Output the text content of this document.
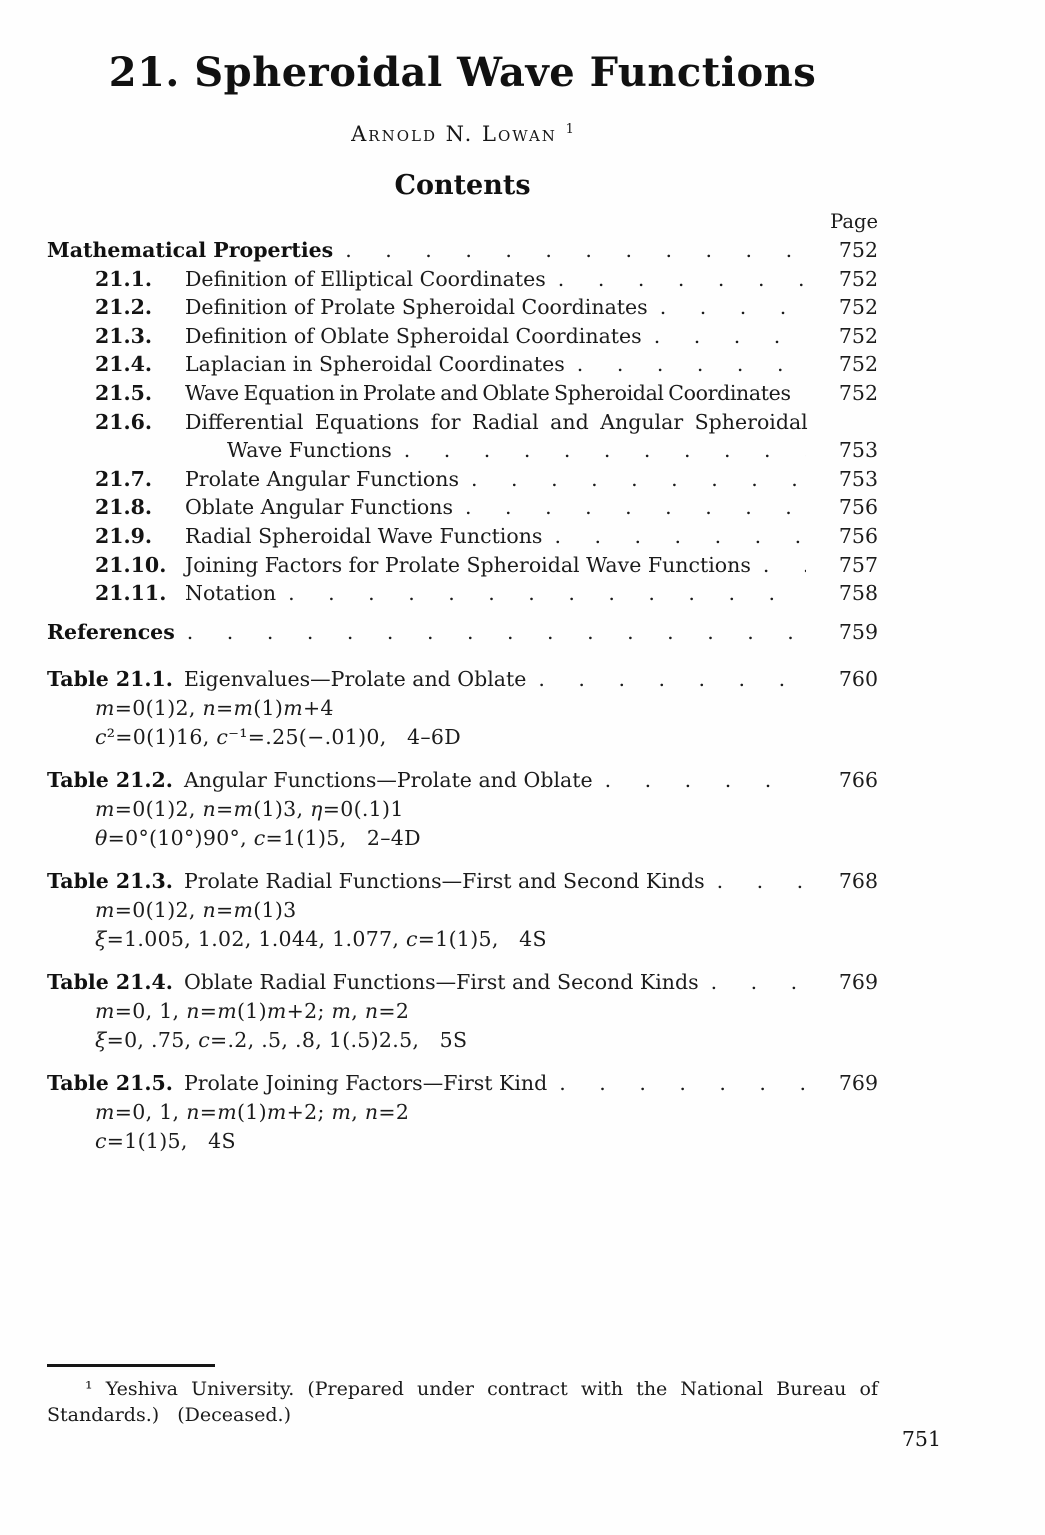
21. Spheroidal Wave Functions
Arnold N. Lowan $^1$
Contents
Page
Mathematical Properties . . .	752
21.1.	Definition of Elliptical Coordinates . . .	752
21.2.	Definition of Prolate Spheroidal Coordinates . . .	752
21.3.	Definition of Oblate Spheroidal Coordinates . . .	752
21.4.	Laplacian in Spheroidal Coordinates . . .	752
21.5.	Wave Equation in Prolate and Oblate Spheroidal Coordinates	752
21.6.	Differential Equations for Radial and Angular Spheroidal
Wave Functions . . .	753
21.7.	Prolate Angular Functions . . .	753
21.8.	Oblate Angular Functions . . .	756
21.9.	Radial Spheroidal Wave Functions . . .	756
21.10. Joining Factors for Prolate Spheroidal Wave Functions . . .	757
21.11. Notation . . .	758
References . . .	759
Table 21.1. Eigenvalues—Prolate and Oblate . . .	760
m=0(1)2, n=m(1)m+4
c²=0(1)16, c⁻¹=.25(−.01)0,   4–6D
Table 21.2. Angular Functions—Prolate and Oblate . . .	766
m=0(1)2, n=m(1)3, η=0(.1)1
θ=0°(10°)90°, c=1(1)5,   2–4D
Table 21.3. Prolate Radial Functions—First and Second Kinds . . .	768
m=0(1)2, n=m(1)3
ξ=1.005, 1.02, 1.044, 1.077, c=1(1)5,   4S
Table 21.4. Oblate Radial Functions—First and Second Kinds . . .	769
m=0, 1, n=m(1)m+2; m, n=2
ξ=0, .75, c=.2, .5, .8, 1(.5)2.5,   5S
Table 21.5. Prolate Joining Factors—First Kind . . .	769
m=0, 1, n=m(1)m+2; m, n=2
c=1(1)5,   4S
¹ Yeshiva University. (Prepared under contract with the National Bureau of
Standards.)   (Deceased.)
751
